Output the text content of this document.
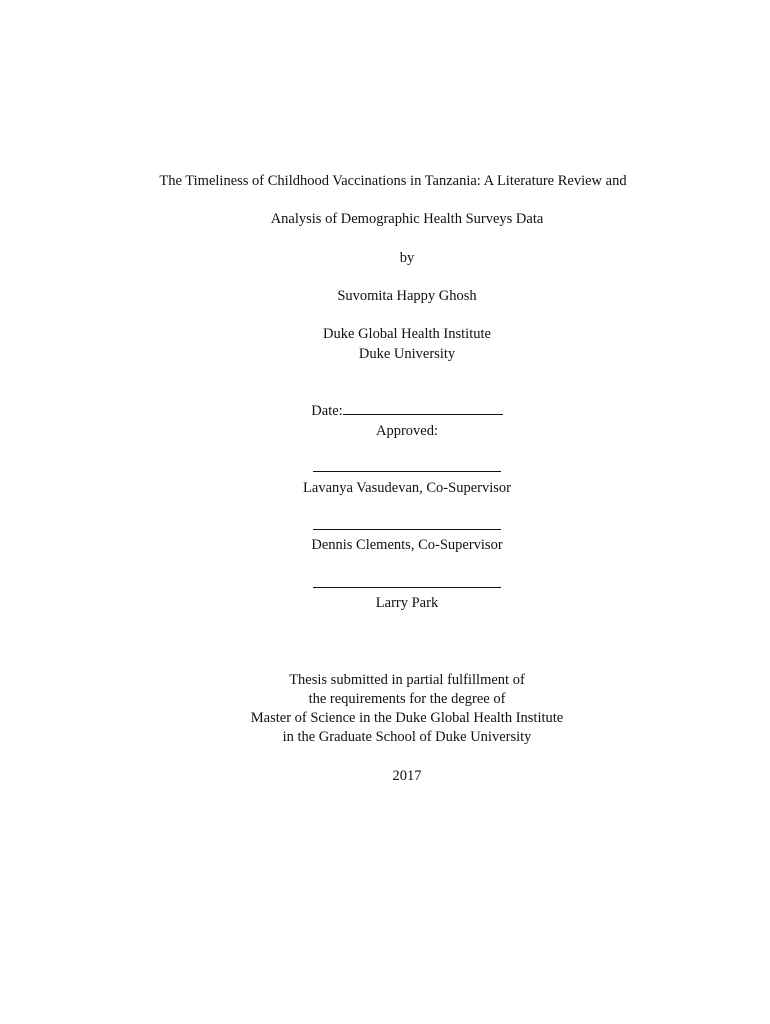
The Timeliness of Childhood Vaccinations in Tanzania: A Literature Review and
Analysis of Demographic Health Surveys Data
by
Suvomita Happy Ghosh
Duke Global Health Institute
Duke University
Date:
Approved:
Lavanya Vasudevan, Co-Supervisor
Dennis Clements, Co-Supervisor
Larry Park
Thesis submitted in partial fulfillment of
the requirements for the degree of
Master of Science in the Duke Global Health Institute
in the Graduate School of Duke University
2017
